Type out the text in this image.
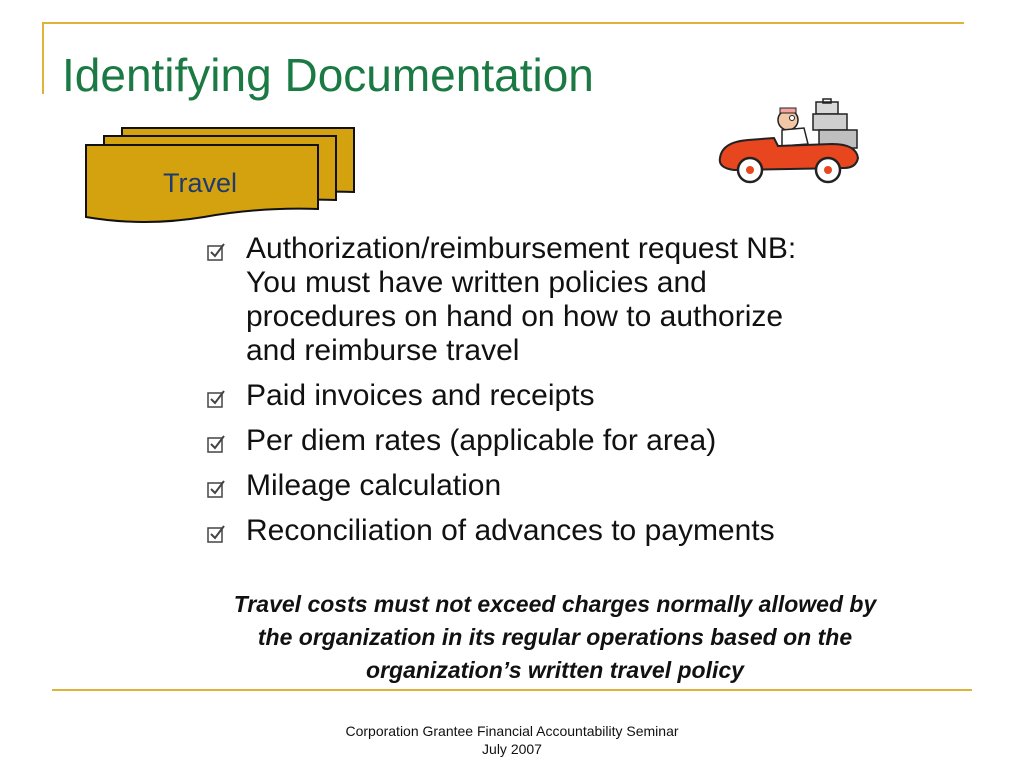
Identifying Documentation
Travel
Authorization/reimbursement request NB:
You must have written policies and
procedures on hand on how to authorize
and reimburse travel
Paid invoices and receipts
Per diem rates (applicable for area)
Mileage calculation
Reconciliation of advances to payments

Travel costs must not exceed charges normally allowed by
the organization in its regular operations based on the
organization’s written travel policy

Corporation Grantee Financial Accountability Seminar
July 2007
